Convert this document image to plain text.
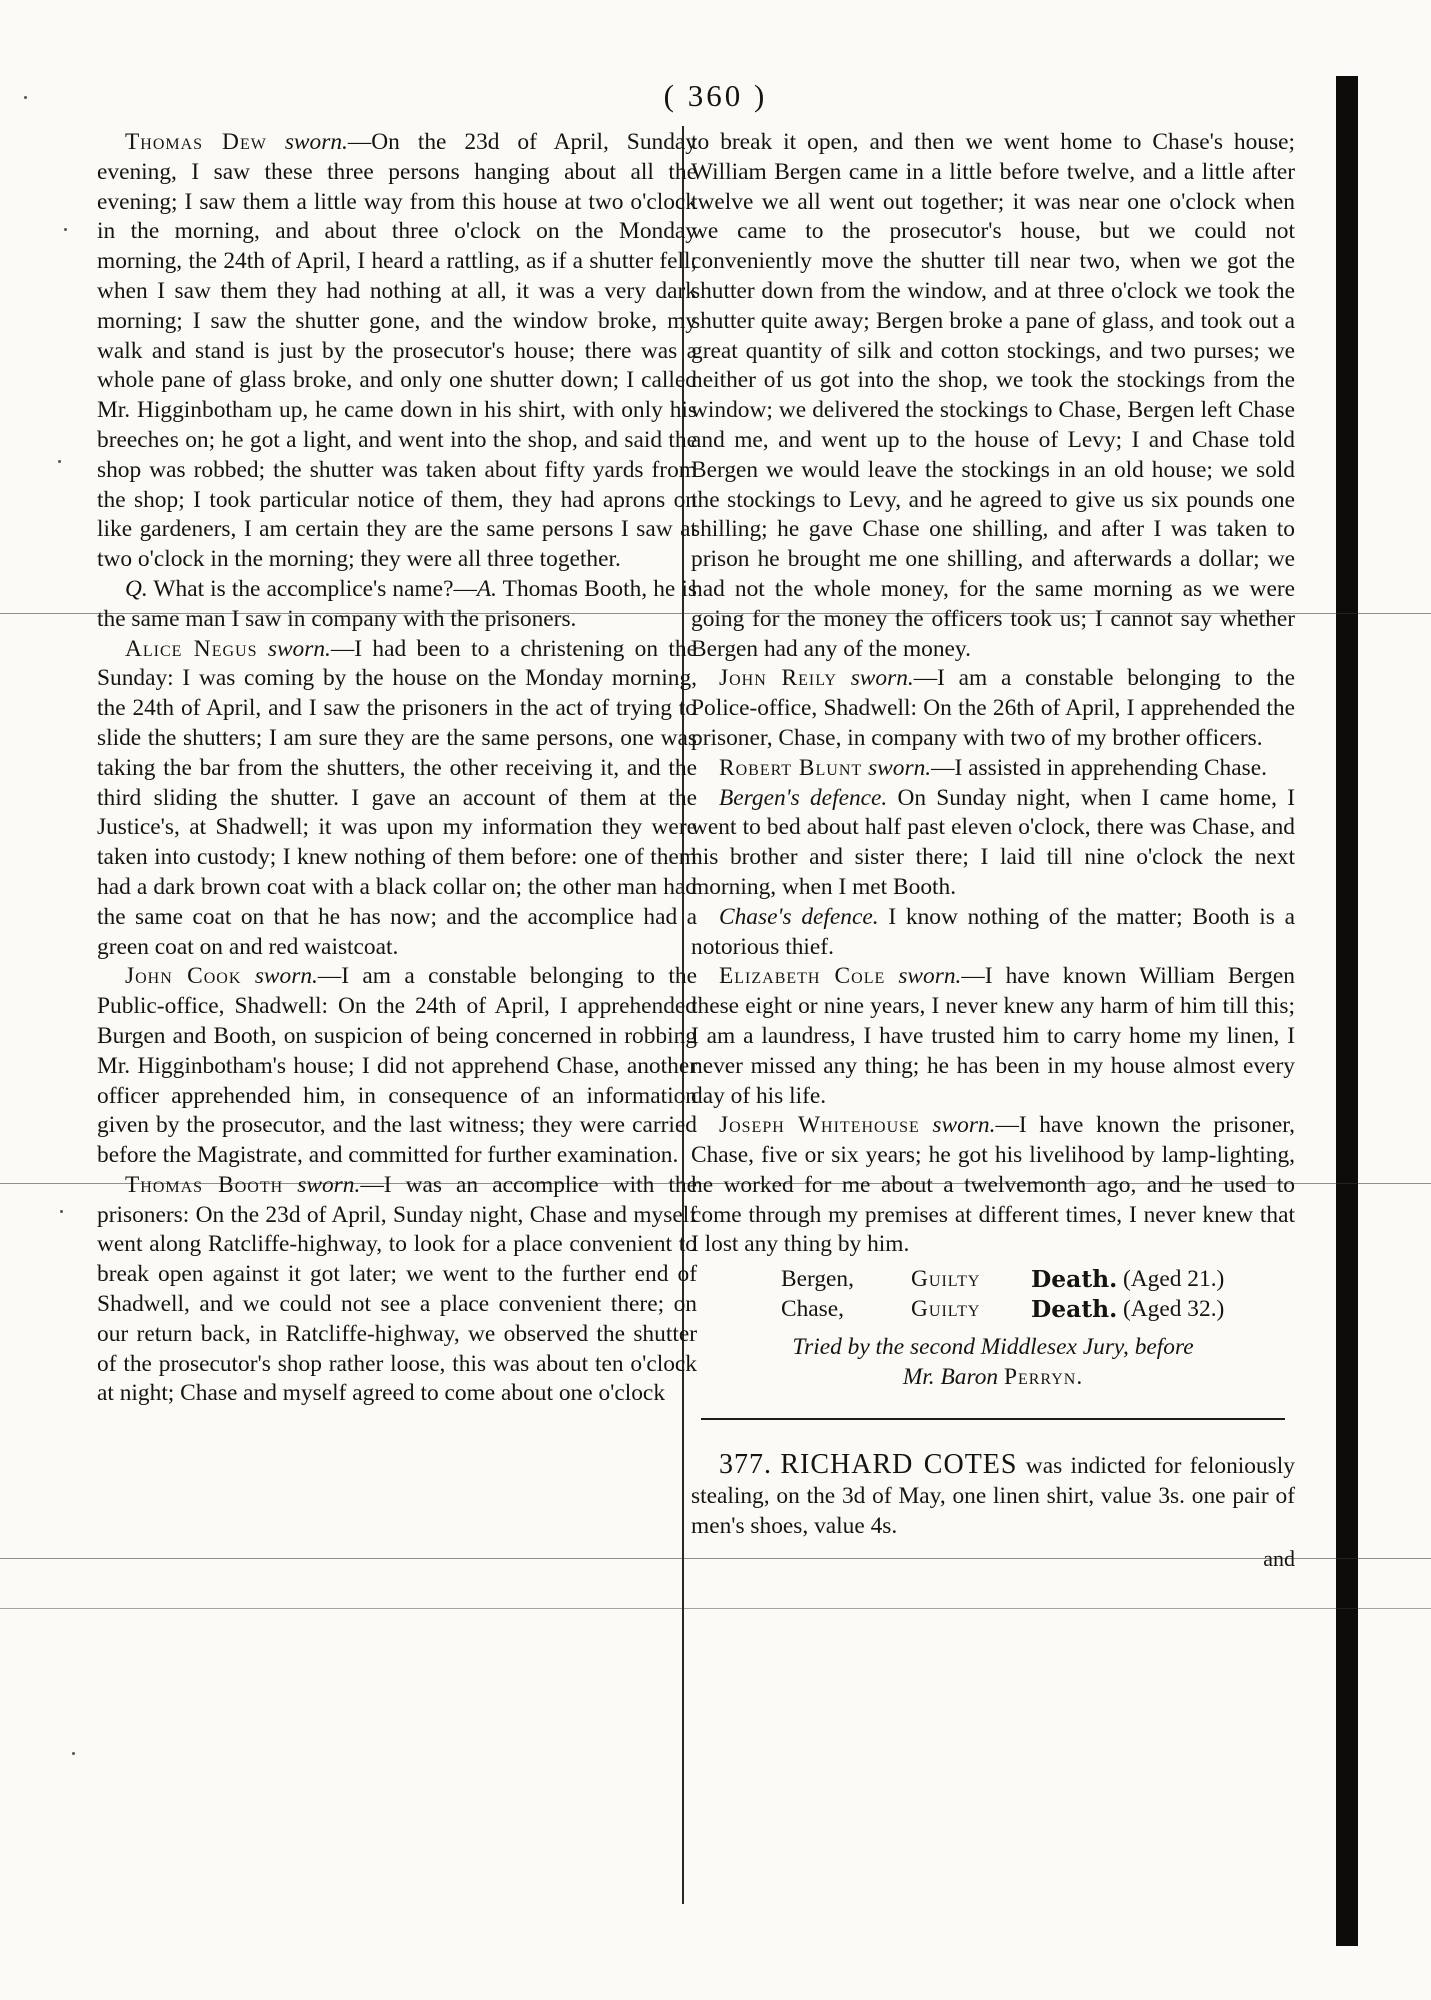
( 360 )

Thomas Dew sworn.—On the 23d of April, Sunday evening, I saw these three persons hanging about all the evening; I saw them a little way from this house at two o'clock in the morning, and about three o'clock on the Monday morning, the 24th of April, I heard a rattling, as if a shutter fell; when I saw them they had nothing at all, it was a very dark morning; I saw the shutter gone, and the window broke, my walk and stand is just by the prosecutor's house; there was a whole pane of glass broke, and only one shutter down; I called Mr. Higginbotham up, he came down in his shirt, with only his breeches on; he got a light, and went into the shop, and said the shop was robbed; the shutter was taken about fifty yards from the shop; I took particular notice of them, they had aprons on like gardeners, I am certain they are the same persons I saw at two o'clock in the morning; they were all three together.

Q. What is the accomplice's name?—A. Thomas Booth, he is the same man I saw in company with the prisoners.

Alice Negus sworn.—I had been to a christening on the Sunday: I was coming by the house on the Monday morning, the 24th of April, and I saw the prisoners in the act of trying to slide the shutters; I am sure they are the same persons, one was taking the bar from the shutters, the other receiving it, and the third sliding the shutter. I gave an account of them at the Justice's, at Shadwell; it was upon my information they were taken into custody; I knew nothing of them before: one of them had a dark brown coat with a black collar on; the other man had the same coat on that he has now; and the accomplice had a green coat on and red waistcoat.

John Cook sworn.—I am a constable belonging to the Public-office, Shadwell: On the 24th of April, I apprehended Burgen and Booth, on suspicion of being concerned in robbing Mr. Higginbotham's house; I did not apprehend Chase, another officer apprehended him, in consequence of an information given by the prosecutor, and the last witness; they were carried before the Magistrate, and committed for further examination.

Thomas Booth sworn.—I was an accomplice with the prisoners: On the 23d of April, Sunday night, Chase and myself went along Ratcliffe-highway, to look for a place convenient to break open against it got later; we went to the further end of Shadwell, and we could not see a place convenient there; on our return back, in Ratcliffe-highway, we observed the shutter of the prosecutor's shop rather loose, this was about ten o'clock at night; Chase and myself agreed to come about one o'clock

to break it open, and then we went home to Chase's house; William Bergen came in a little before twelve, and a little after twelve we all went out together; it was near one o'clock when we came to the prosecutor's house, but we could not conveniently move the shutter till near two, when we got the shutter down from the window, and at three o'clock we took the shutter quite away; Bergen broke a pane of glass, and took out a great quantity of silk and cotton stockings, and two purses; we neither of us got into the shop, we took the stockings from the window; we delivered the stockings to Chase, Bergen left Chase and me, and went up to the house of Levy; I and Chase told Bergen we would leave the stockings in an old house; we sold the stockings to Levy, and he agreed to give us six pounds one shilling; he gave Chase one shilling, and after I was taken to prison he brought me one shilling, and afterwards a dollar; we had not the whole money, for the same morning as we were going for the money the officers took us; I cannot say whether Bergen had any of the money.

John Reily sworn.—I am a constable belonging to the Police-office, Shadwell: On the 26th of April, I apprehended the prisoner, Chase, in company with two of my brother officers.

Robert Blunt sworn.—I assisted in apprehending Chase.

Bergen's defence. On Sunday night, when I came home, I went to bed about half past eleven o'clock, there was Chase, and his brother and sister there; I laid till nine o'clock the next morning, when I met Booth.

Chase's defence. I know nothing of the matter; Booth is a notorious thief.

Elizabeth Cole sworn.—I have known William Bergen these eight or nine years, I never knew any harm of him till this; I am a laundress, I have trusted him to carry home my linen, I never missed any thing; he has been in my house almost every day of his life.

Joseph Whitehouse sworn.—I have known the prisoner, Chase, five or six years; he got his livelihood by lamp-lighting, he worked for me about a twelvemonth ago, and he used to come through my premises at different times, I never knew that I lost any thing by him.

Bergen,	Guilty	Death. (Aged 21.)
Chase,	Guilty	Death. (Aged 32.)
Tried by the second Middlesex Jury, before
Mr. Baron Perryn.

377. RICHARD COTES was indicted for feloniously stealing, on the 3d of May, one linen shirt, value 3s. one pair of men's shoes, value 4s.

and
